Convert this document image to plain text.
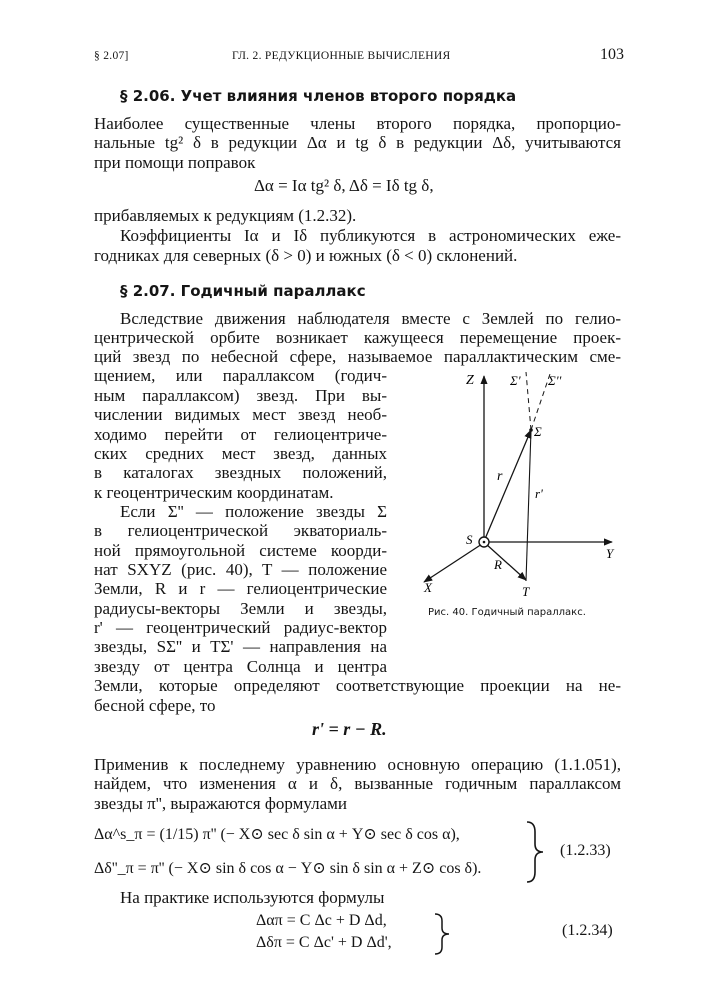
§ 2.07]	ГЛ. 2. РЕДУКЦИОННЫЕ ВЫЧИСЛЕНИЯ	103
§ 2.06. Учет влияния членов второго порядка
Наиболее существенные члены второго порядка, пропорцио-
нальные tg² δ в редукции Δα и tg δ в редукции Δδ, учитываются
при помощи поправок
Δα = Iα tg² δ, Δδ = Iδ tg δ,
прибавляемых к редукциям (1.2.32).
Коэффициенты Iα и Iδ публикуются в астрономических еже-
годниках для северных (δ > 0) и южных (δ < 0) склонений.
§ 2.07. Годичный параллакс
Вследствие движения наблюдателя вместе с Землей по гелио-
центрической орбите возникает кажущееся перемещение проек-
ций звезд по небесной сфере, называемое параллактическим сме-
щением, или параллаксом (годич-
ным параллаксом) звезд. При вы-
числении видимых мест звезд необ-
ходимо перейти от гелиоцентриче-
ских средних мест звезд, данных
в каталогах звездных положений,
к геоцентрическим координатам.
Если Σ'' — положение звезды Σ
в гелиоцентрической экваториаль-
ной прямоугольной системе коорди-
нат SXYZ (рис. 40), T — положение
Земли, R и r — гелиоцентрические
радиусы-векторы Земли и звезды,
r' — геоцентрический радиус-вектор
звезды, SΣ'' и TΣ' — направления на
звезду от центра Солнца и центра
Z	Σ' Σ''
Σ
r
r'
S
Y
R
T
X
Рис. 40. Годичный параллакс.
Земли, которые определяют соответствующие проекции на не-
бесной сфере, то
r' = r − R.
Применив к последнему уравнению основную операцию (1.1.051),
найдем, что изменения α и δ, вызванные годичным параллаксом
звезды π'', выражаются формулами
Δα^s_π = (1/15) π'' (− X⊙ sec δ sin α + Y⊙ sec δ cos α),
Δδ''_π = π'' (− X⊙ sin δ cos α − Y⊙ sin δ sin α + Z⊙ cos δ).
(1.2.33)
На практике используются формулы
Δαπ = C Δc + D Δd,
Δδπ = C Δc' + D Δd',
(1.2.34)
